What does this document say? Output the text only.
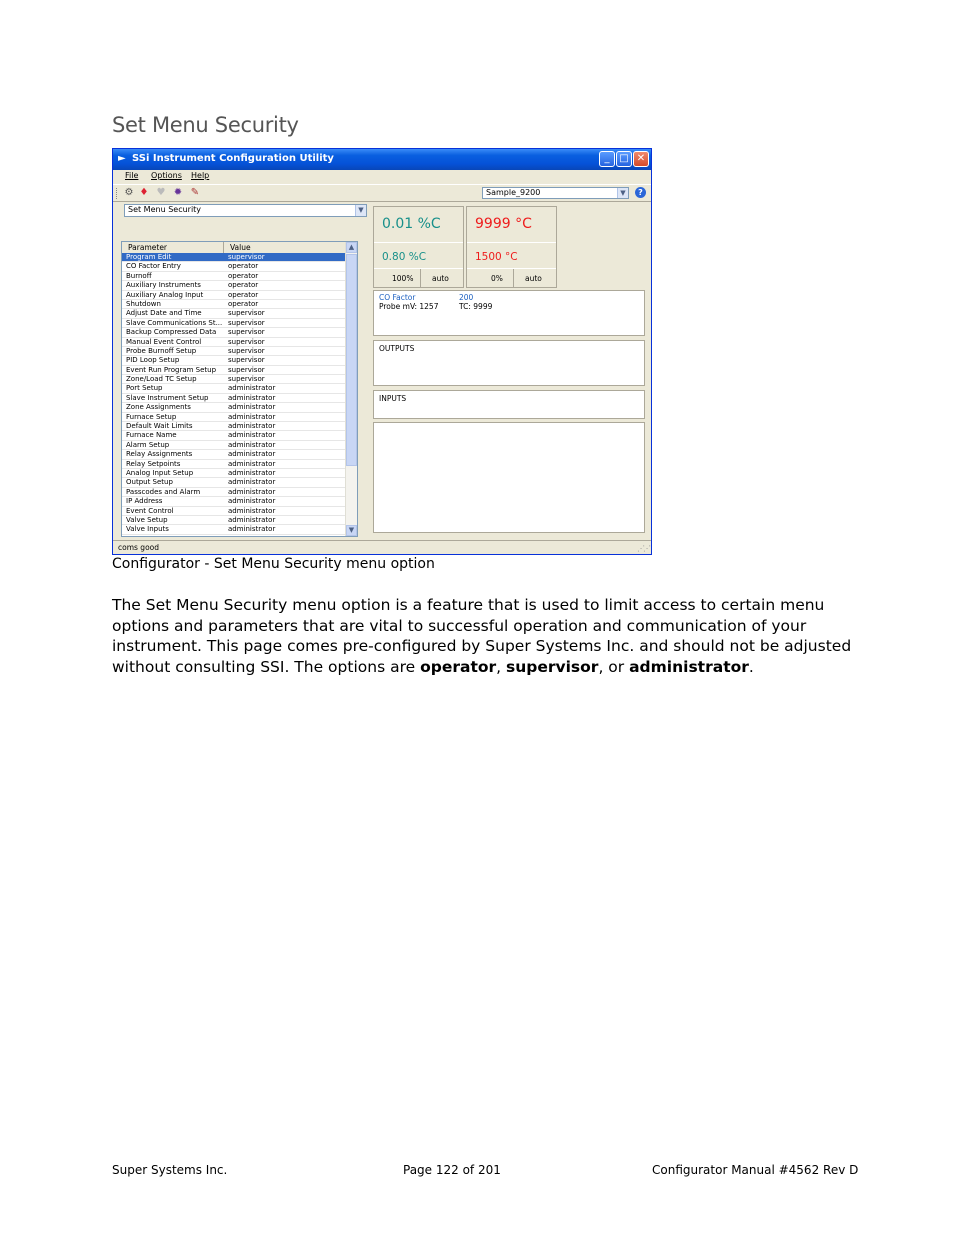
Set Menu Security
► SSi Instrument Configuration Utility	_ □ ✕
File Options Help
⚙ ♦ ♥ ✹ ✎	Sample_9200	▼	?
Set Menu Security	▼
Parameter	Value
Program Edit	supervisor
CO Factor Entry	operator
Burnoff	operator
Auxiliary Instruments	operator
Auxiliary Analog Input	operator
Shutdown	operator
Adjust Date and Time	supervisor
Slave Communications St... supervisor
Backup Compressed Data	supervisor
Manual Event Control	supervisor
Probe Burnoff Setup	supervisor
PID Loop Setup	supervisor
Event Run Program Setup	supervisor
Zone/Load TC Setup	supervisor
Port Setup	administrator
Slave Instrument Setup	administrator
Zone Assignments	administrator
Furnace Setup	administrator
Default Wait Limits	administrator
Furnace Name	administrator
Alarm Setup	administrator
Relay Assignments	administrator
Relay Setpoints	administrator
Analog Input Setup	administrator
Output Setup	administrator
Passcodes and Alarm	administrator
IP Address	administrator
Event Control	administrator
Valve Setup	administrator
Valve Inputs	administrator
▲
▼
0.01 %C
0.80 %C
100% auto
9999 °C
1500 °C
0%	auto
CO Factor	200
Probe mV: 1257	TC: 9999
OUTPUTS
INPUTS
coms good	⋰⋰
Configurator - Set Menu Security menu option
The Set Menu Security menu option is a feature that is used to limit access to certain menu options and parameters that are vital to successful operation and communication of your instrument. This page comes pre-configured by Super Systems Inc. and should not be adjusted without consulting SSI. The options are operator, supervisor, or administrator.
Super Systems Inc.	Page 122 of 201	Configurator Manual #4562 Rev D
